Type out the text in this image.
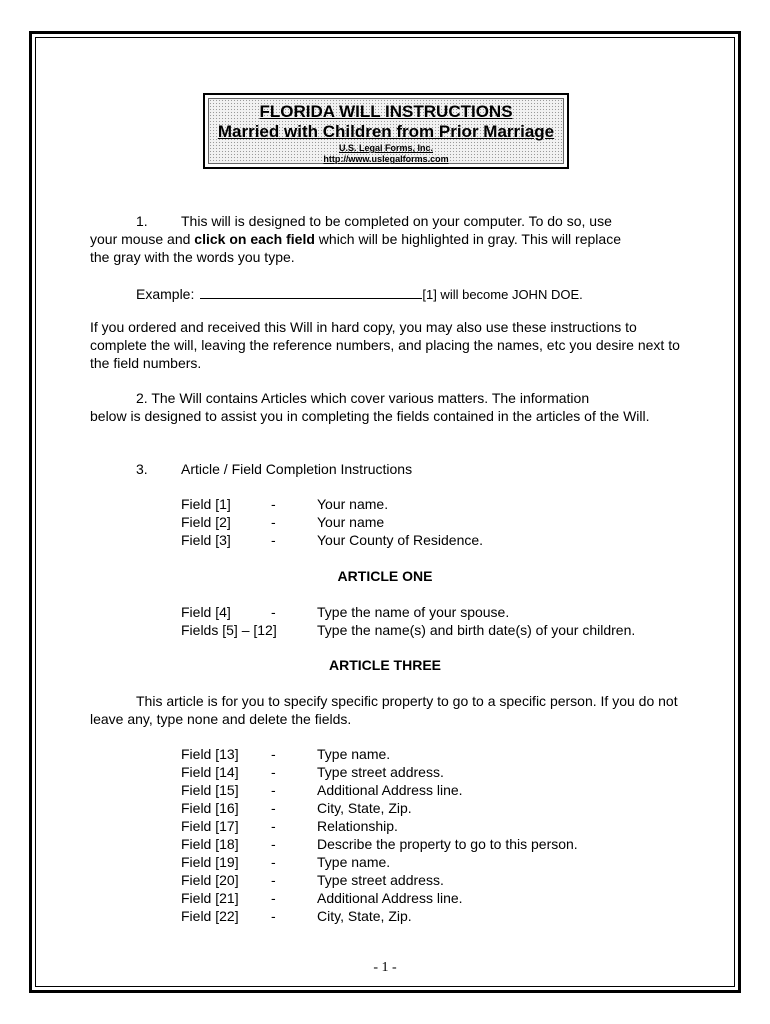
FLORIDA WILL INSTRUCTIONS
Married with Children from Prior Marriage
U.S. Legal Forms, Inc.
http://www.uslegalforms.com
1. This will is designed to be completed on your computer. To do so, use
your mouse and click on each field which will be highlighted in gray. This will replace
the gray with the words you type.
Example:	[1] will become JOHN DOE.
If you ordered and received this Will in hard copy, you may also use these instructions to complete the will, leaving the reference numbers, and placing the names, etc you desire next to the field numbers.
2. The Will contains Articles which cover various matters. The information
below is designed to assist you in completing the fields contained in the articles of the Will.
3. Article / Field Completion Instructions
Field [1]	-	Your name.
Field [2]	-	Your name
Field [3]	-	Your County of Residence.
ARTICLE ONE
Field [4]	-	Type the name of your spouse.
Fields [5] – [12]	Type the name(s) and birth date(s) of your children.
ARTICLE THREE
This article is for you to specify specific property to go to a specific person. If you do not leave any, type none and delete the fields.
Field [13] -	Type name.
Field [14] -	Type street address.
Field [15] -	Additional Address line.
Field [16] -	City, State, Zip.
Field [17] -	Relationship.
Field [18] -	Describe the property to go to this person.
Field [19] -	Type name.
Field [20] -	Type street address.
Field [21] -	Additional Address line.
Field [22] -	City, State, Zip.
- 1 -
